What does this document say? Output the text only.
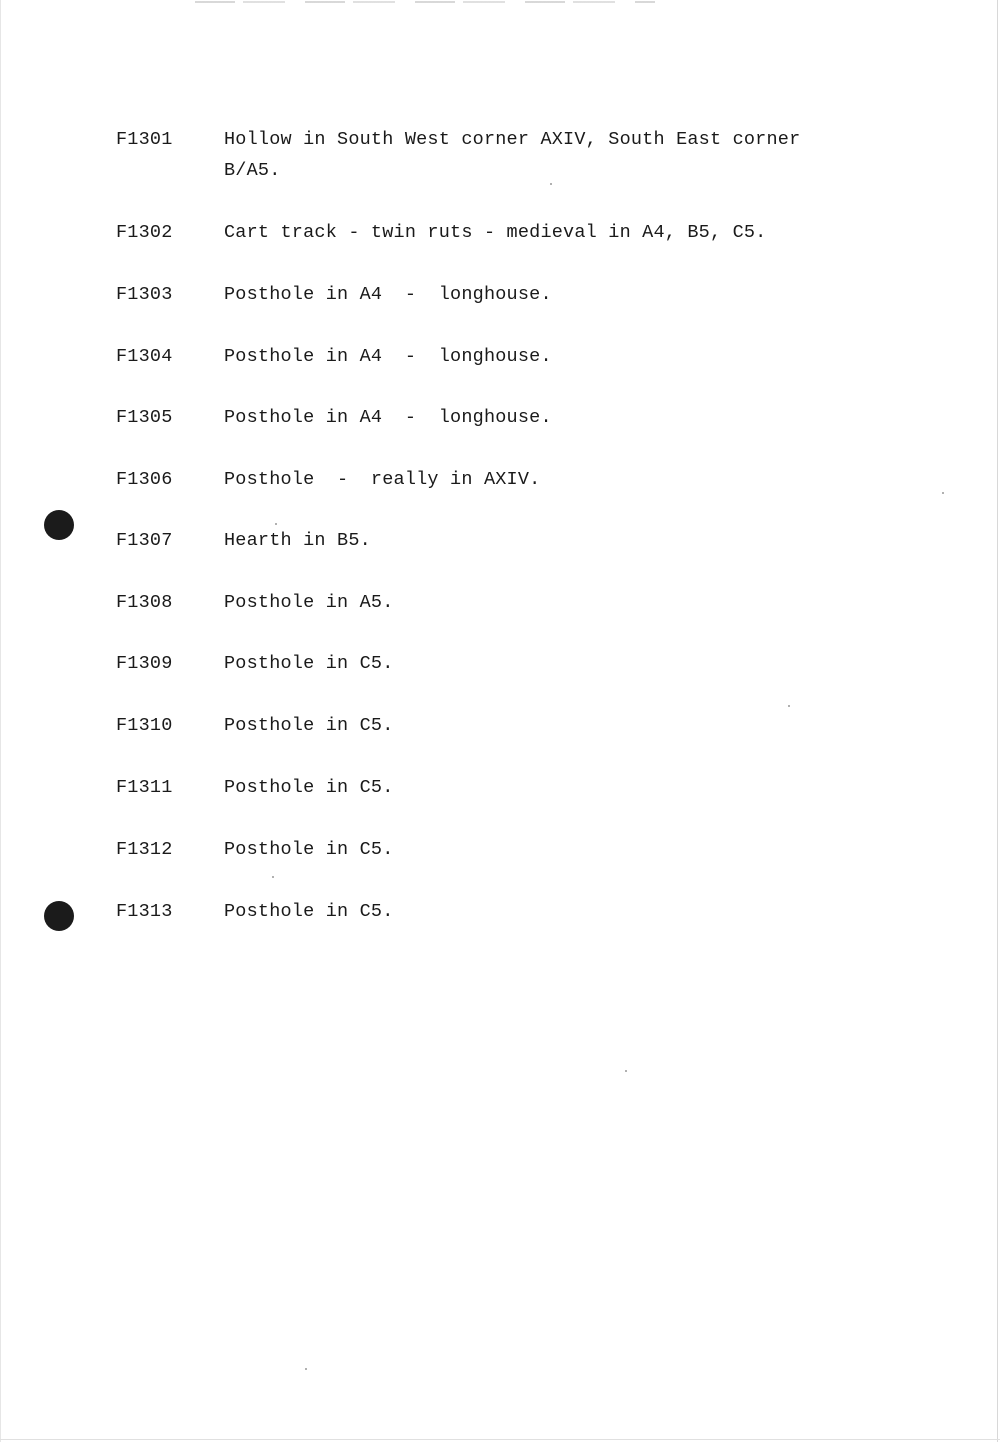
F1301	Hollow in South West corner AXIV, South East corner
B/A5.
F1302	Cart track - twin ruts - medieval in A4, B5, C5.
F1303	Posthole in A4  -  longhouse.
F1304	Posthole in A4  -  longhouse.
F1305	Posthole in A4  -  longhouse.
F1306	Posthole  -  really in AXIV.
F1307	Hearth in B5.
F1308	Posthole in A5.
F1309	Posthole in C5.
F1310	Posthole in C5.
F1311	Posthole in C5.
F1312	Posthole in C5.
F1313	Posthole in C5.
